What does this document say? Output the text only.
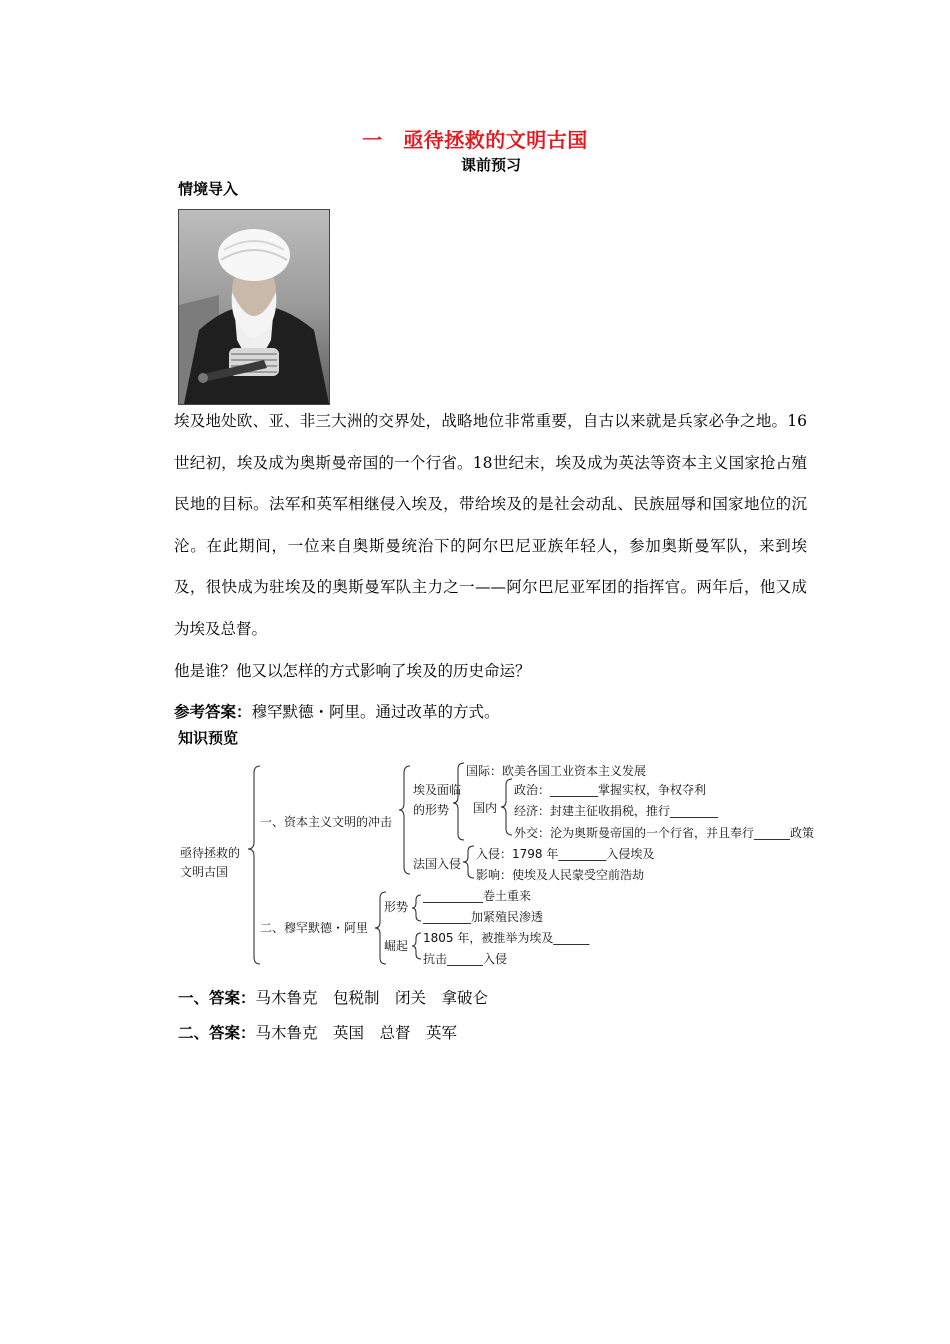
一　亟待拯救的文明古国
课前预习
情境导入
埃及地处欧、亚、非三大洲的交界处，战略地位非常重要，自古以来就是兵家必争之地。16世纪初，埃及成为奥斯曼帝国的一个行省。18世纪末，埃及成为英法等资本主义国家抢占殖民地的目标。法军和英军相继侵入埃及，带给埃及的是社会动乱、民族屈辱和国家地位的沉沦。在此期间，一位来自奥斯曼统治下的阿尔巴尼亚族年轻人，参加奥斯曼军队，来到埃及，很快成为驻埃及的奥斯曼军队主力之一——阿尔巴尼亚军团的指挥官。两年后，他又成为埃及总督。
他是谁？他又以怎样的方式影响了埃及的历史命运？
参考答案：穆罕默德・阿里。通过改革的方式。
知识预览
亟待拯救的
文明古国
一、资本主义文明的冲击
埃及面临
的形势
国际：欧美各国工业资本主义发展
国内
政治：________掌握实权，争权夺利
经济：封建主征收捐税，推行________
外交：沦为奥斯曼帝国的一个行省，并且奉行______政策
法国入侵
入侵：1798 年________入侵埃及
影响：使埃及人民蒙受空前浩劫
二、穆罕默德・阿里
形势
__________卷土重来
________加紧殖民渗透
崛起
1805 年，被推举为埃及______
抗击______入侵
一、答案：马木鲁克　包税制　闭关　拿破仑
二、答案：马木鲁克　英国　总督　英军
